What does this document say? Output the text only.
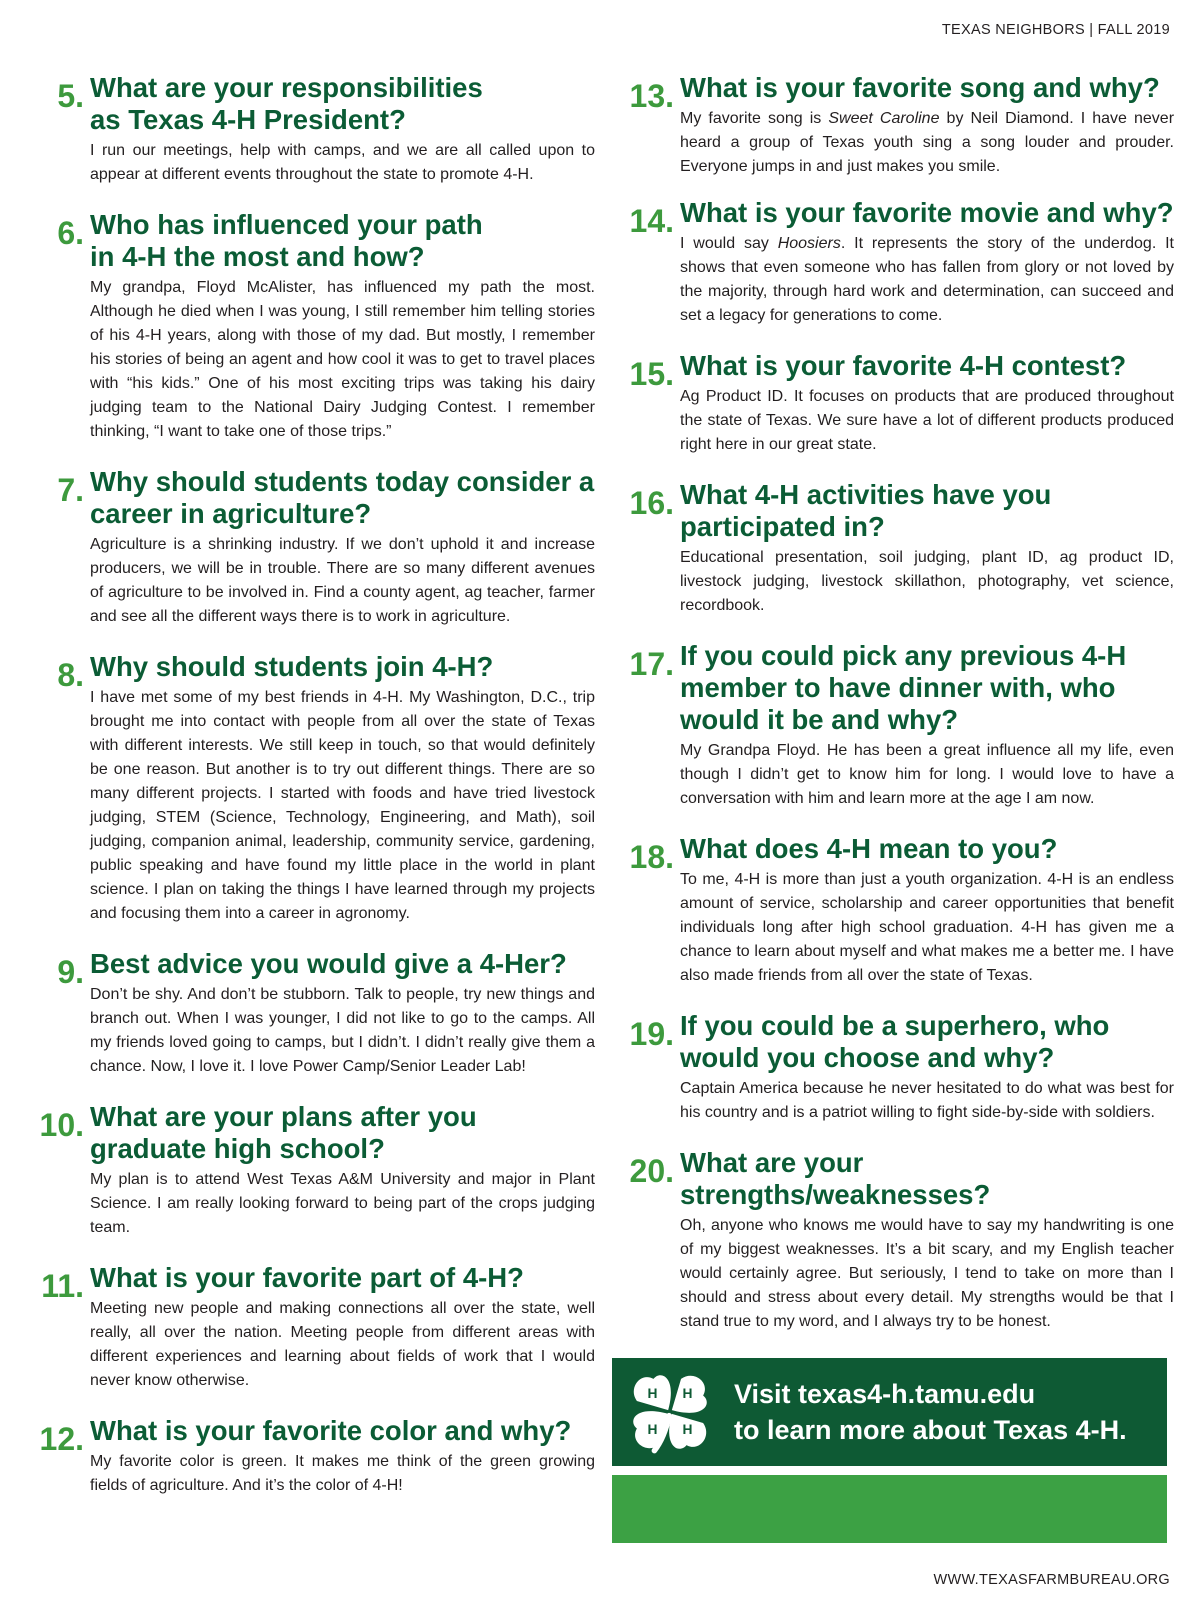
TEXAS NEIGHBORS | FALL 2019
5. What are your responsibilities as Texas 4-H President?

I run our meetings, help with camps, and we are all called upon to appear at different events throughout the state to promote 4-H.

6. Who has influenced your path in 4-H the most and how?

My grandpa, Floyd McAlister, has influenced my path the most. Although he died when I was young, I still remember him telling stories of his 4-H years, along with those of my dad. But mostly, I remember his stories of being an agent and how cool it was to get to travel places with “his kids.” One of his most exciting trips was taking his dairy judging team to the National Dairy Judging Contest. I remember thinking, “I want to take one of those trips.”

7. Why should students today consider a career in agriculture?

Agriculture is a shrinking industry. If we don’t uphold it and increase producers, we will be in trouble. There are so many different avenues of agriculture to be involved in. Find a county agent, ag teacher, farmer and see all the different ways there is to work in agriculture.

8. Why should students join 4-H?

I have met some of my best friends in 4-H. My Washington, D.C., trip brought me into contact with people from all over the state of Texas with different interests. We still keep in touch, so that would definitely be one reason. But another is to try out different things. There are so many different projects. I started with foods and have tried livestock judging, STEM (Science, Technology, Engineering, and Math), soil judging, companion animal, leadership, community service, gardening, public speaking and have found my little place in the world in plant science. I plan on taking the things I have learned through my projects and focusing them into a career in agronomy.

9. Best advice you would give a 4-Her?

Don’t be shy. And don’t be stubborn. Talk to people, try new things and branch out. When I was younger, I did not like to go to the camps. All my friends loved going to camps, but I didn’t. I didn’t really give them a chance. Now, I love it. I love Power Camp/Senior Leader Lab!

10. What are your plans after you graduate high school?

My plan is to attend West Texas A&M University and major in Plant Science. I am really looking forward to being part of the crops judging team.

11. What is your favorite part of 4-H?

Meeting new people and making connections all over the state, well really, all over the nation. Meeting people from different areas with different experiences and learning about fields of work that I would never know otherwise.

12. What is your favorite color and why?

My favorite color is green. It makes me think of the green growing fields of agriculture. And it’s the color of 4-H!

13. What is your favorite song and why?

My favorite song is Sweet Caroline by Neil Diamond. I have never heard a group of Texas youth sing a song louder and prouder. Everyone jumps in and just makes you smile.

14. What is your favorite movie and why?

I would say Hoosiers. It represents the story of the underdog. It shows that even someone who has fallen from glory or not loved by the majority, through hard work and determination, can succeed and set a legacy for generations to come.

15. What is your favorite 4-H contest?

Ag Product ID. It focuses on products that are produced throughout the state of Texas. We sure have a lot of different products produced right here in our great state.

16. What 4-H activities have you participated in?

Educational presentation, soil judging, plant ID, ag product ID, livestock judging, livestock skillathon, photography, vet science, recordbook.

17. If you could pick any previous 4-H member to have dinner with, who would it be and why?

My Grandpa Floyd. He has been a great influence all my life, even though I didn’t get to know him for long. I would love to have a conversation with him and learn more at the age I am now.

18. What does 4-H mean to you?

To me, 4-H is more than just a youth organization. 4-H is an endless amount of service, scholarship and career opportunities that benefit individuals long after high school graduation. 4-H has given me a chance to learn about myself and what makes me a better me. I have also made friends from all over the state of Texas.

19. If you could be a superhero, who would you choose and why?

Captain America because he never hesitated to do what was best for his country and is a patriot willing to fight side-by-side with soldiers.

20. What are your strengths/weaknesses?

Oh, anyone who knows me would have to say my handwriting is one of my biggest weaknesses. It’s a bit scary, and my English teacher would certainly agree. But seriously, I tend to take on more than I should and stress about every detail. My strengths would be that I stand true to my word, and I always try to be honest.

H H
H H
Visit texas4-h.tamu.edu
to learn more about Texas 4-H.
WWW.TEXASFARMBUREAU.ORG
